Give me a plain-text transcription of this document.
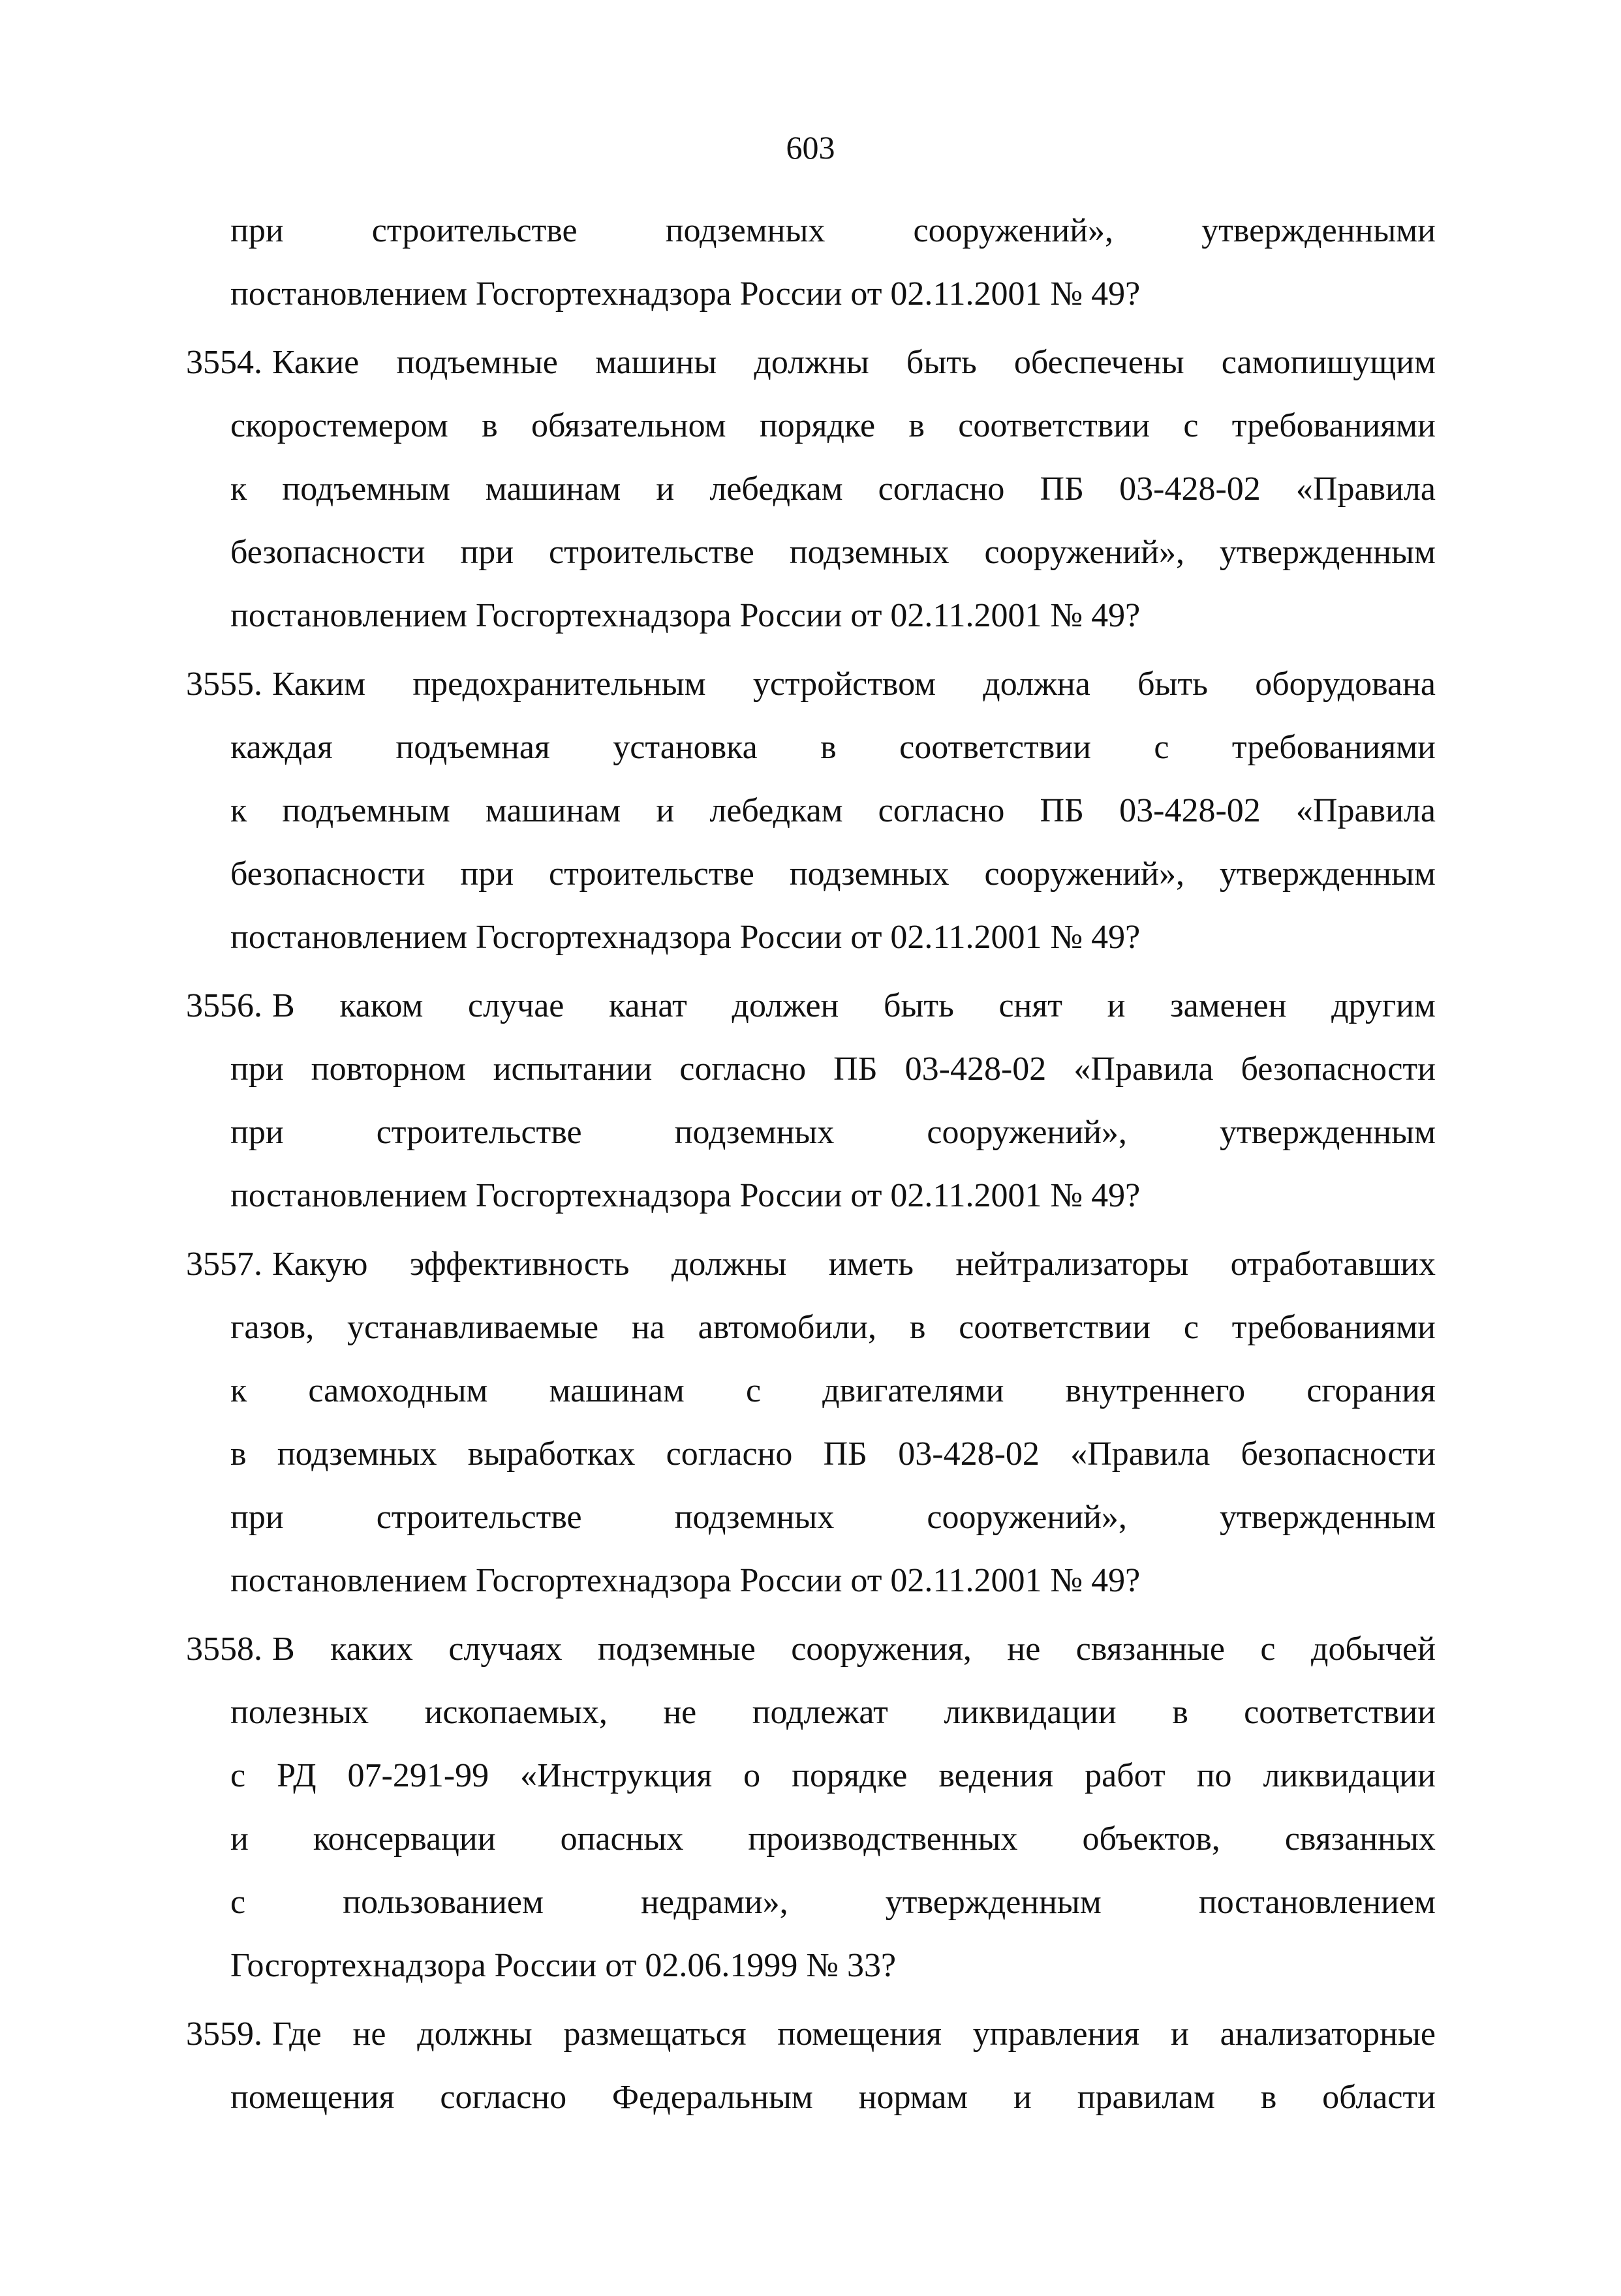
603
при	строительстве	подземных	сооружений»,	утвержденными
постановлением Госгортехнадзора России от 02.11.2001 № 49?
3554. Какие подъемные машины должны быть обеспечены самопишущим
скоростемером в обязательном порядке в соответствии с требованиями
к подъемным машинам и лебедкам согласно ПБ 03-428-02 «Правила
безопасности при строительстве подземных сооружений», утвержденным
постановлением Госгортехнадзора России от 02.11.2001 № 49?
3555. Каким предохранительным устройством должна быть оборудована
каждая подъемная установка в соответствии с требованиями
к подъемным машинам и лебедкам согласно ПБ 03-428-02 «Правила
безопасности при строительстве подземных сооружений», утвержденным
постановлением Госгортехнадзора России от 02.11.2001 № 49?
3556. В каком случае канат должен быть снят и заменен другим
при повторном испытании согласно ПБ 03-428-02 «Правила безопасности
при	строительстве	подземных	сооружений»,	утвержденным
постановлением Госгортехнадзора России от 02.11.2001 № 49?
3557. Какую эффективность должны иметь нейтрализаторы отработавших
газов, устанавливаемые на автомобили, в соответствии с требованиями
к самоходным машинам с двигателями внутреннего сгорания
в подземных выработках согласно ПБ 03-428-02 «Правила безопасности
при	строительстве	подземных	сооружений»,	утвержденным
постановлением Госгортехнадзора России от 02.11.2001 № 49?
3558. В каких случаях подземные сооружения, не связанные с добычей
полезных ископаемых, не подлежат ликвидации в соответствии
с РД 07-291-99 «Инструкция о порядке ведения работ по ликвидации
и консервации опасных производственных объектов, связанных
с	пользованием	недрами»,	утвержденным	постановлением
Госгортехнадзора России от 02.06.1999 № 33?
3559. Где не должны размещаться помещения управления и анализаторные
помещения согласно Федеральным нормам и правилам в области
